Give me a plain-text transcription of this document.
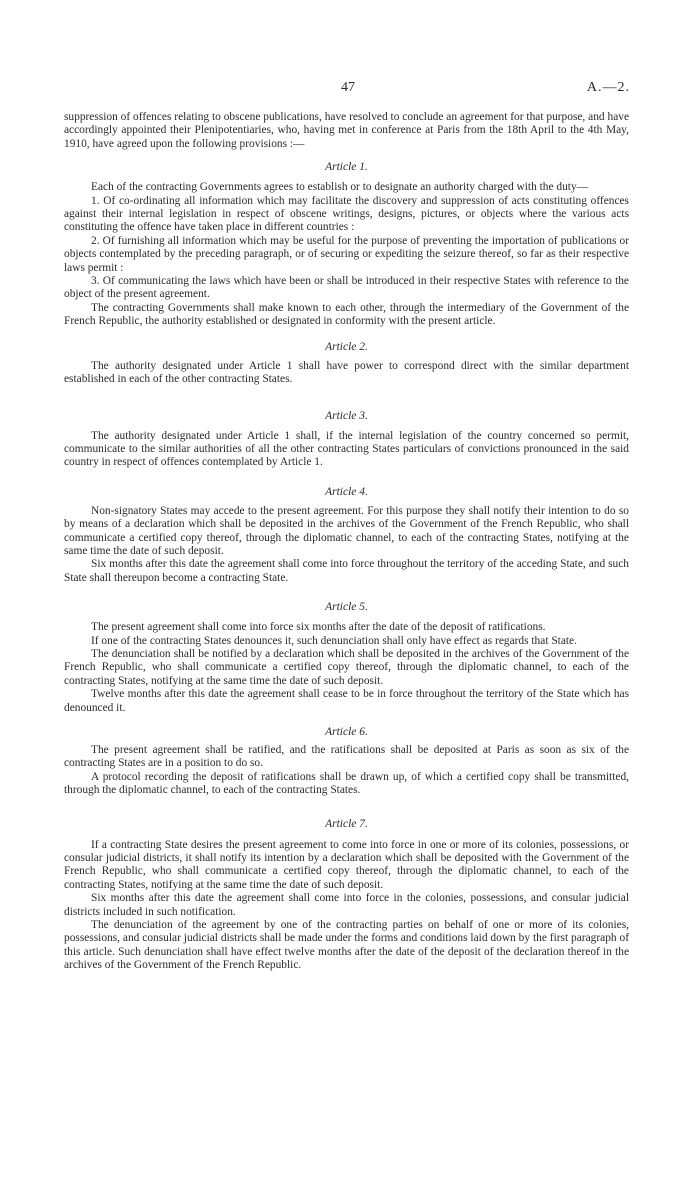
47	A.—2.

suppression of offences relating to obscene publications, have resolved to conclude an agreement for that purpose, and have accordingly appointed their Plenipotentiaries, who, having met in conference at Paris from the 18th April to the 4th May, 1910, have agreed upon the following provisions :—

Article 1.

Each of the contracting Governments agrees to establish or to designate an authority charged with the duty—

1. Of co-ordinating all information which may facilitate the discovery and suppression of acts constituting offences against their internal legislation in respect of obscene writings, designs, pictures, or objects where the various acts constituting the offence have taken place in different countries :

2. Of furnishing all information which may be useful for the purpose of preventing the importation of publications or objects contemplated by the preceding paragraph, or of securing or expediting the seizure thereof, so far as their respective laws permit :

3. Of communicating the laws which have been or shall be introduced in their respective States with reference to the object of the present agreement.

The contracting Governments shall make known to each other, through the intermediary of the Government of the French Republic, the authority established or designated in conformity with the present article.

Article 2.

The authority designated under Article 1 shall have power to correspond direct with the similar department established in each of the other contracting States.

Article 3.

The authority designated under Article 1 shall, if the internal legislation of the country concerned so permit, communicate to the similar authorities of all the other contracting States particulars of convictions pronounced in the said country in respect of offences contemplated by Article 1.

Article 4.

Non-signatory States may accede to the present agreement. For this purpose they shall notify their intention to do so by means of a declaration which shall be deposited in the archives of the Government of the French Republic, who shall communicate a certified copy thereof, through the diplomatic channel, to each of the contracting States, notifying at the same time the date of such deposit.

Six months after this date the agreement shall come into force throughout the territory of the acceding State, and such State shall thereupon become a contracting State.

Article 5.

The present agreement shall come into force six months after the date of the deposit of ratifications.

If one of the contracting States denounces it, such denunciation shall only have effect as regards that State.

The denunciation shall be notified by a declaration which shall be deposited in the archives of the Government of the French Republic, who shall communicate a certified copy thereof, through the diplomatic channel, to each of the contracting States, notifying at the same time the date of such deposit.

Twelve months after this date the agreement shall cease to be in force throughout the territory of the State which has denounced it.

Article 6.

The present agreement shall be ratified, and the ratifications shall be deposited at Paris as soon as six of the contracting States are in a position to do so.

A protocol recording the deposit of ratifications shall be drawn up, of which a certified copy shall be transmitted, through the diplomatic channel, to each of the contracting States.

Article 7.

If a contracting State desires the present agreement to come into force in one or more of its colonies, possessions, or consular judicial districts, it shall notify its intention by a declaration which shall be deposited with the Government of the French Republic, who shall communicate a certified copy thereof, through the diplomatic channel, to each of the contracting States, notifying at the same time the date of such deposit.

Six months after this date the agreement shall come into force in the colonies, possessions, and consular judicial districts included in such notification.

The denunciation of the agreement by one of the contracting parties on behalf of one or more of its colonies, possessions, and consular judicial districts shall be made under the forms and conditions laid down by the first paragraph of this article. Such denunciation shall have effect twelve months after the date of the deposit of the declaration thereof in the archives of the Government of the French Republic.
